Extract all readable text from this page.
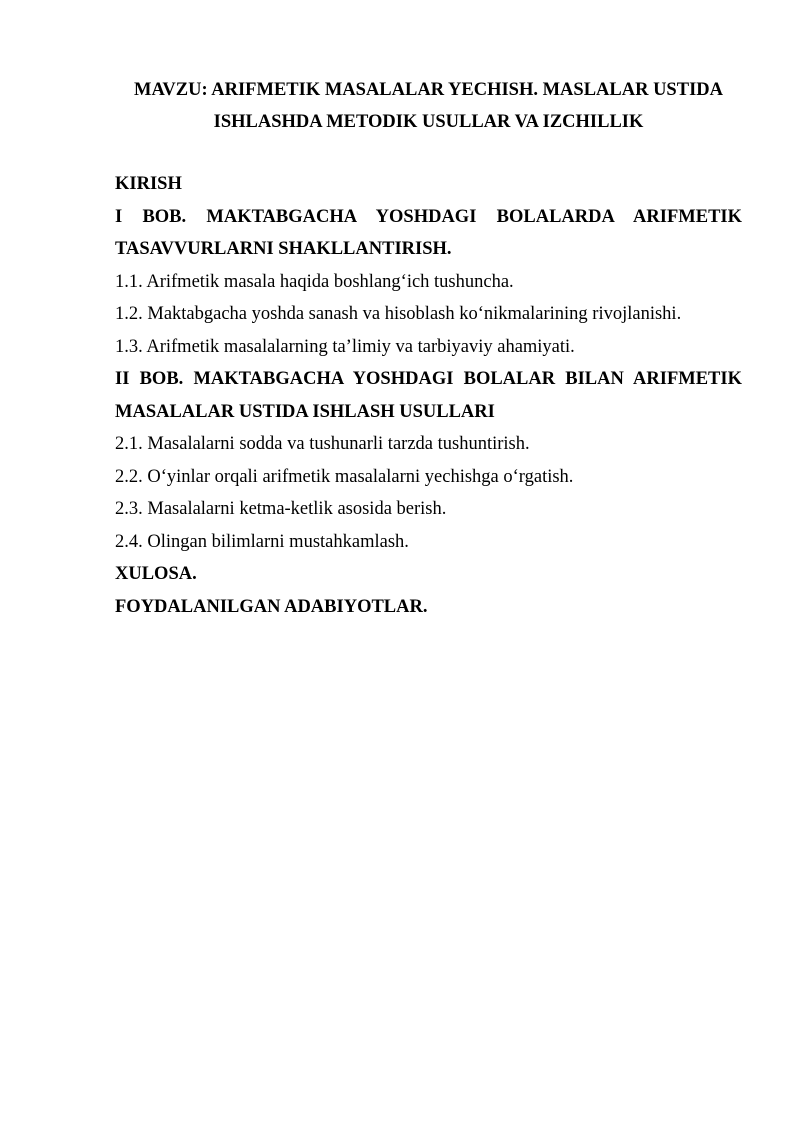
MAVZU: ARIFMETIK MASALALAR YECHISH. MASLALAR USTIDA
ISHLASHDA METODIK USULLAR VA IZCHILLIK

KIRISH

I BOB. MAKTABGACHA YOSHDAGI BOLALARDA ARIFMETIK
TASAVVURLARNI SHAKLLANTIRISH.

1.1. Arifmetik masala haqida boshlang‘ich tushuncha.

1.2. Maktabgacha yoshda sanash va hisoblash ko‘nikmalarining rivojlanishi.

1.3. Arifmetik masalalarning ta’limiy va tarbiyaviy ahamiyati.

II BOB. MAKTABGACHA YOSHDAGI BOLALAR BILAN ARIFMETIK
MASALALAR USTIDA ISHLASH USULLARI

2.1. Masalalarni sodda va tushunarli tarzda tushuntirish.

2.2. O‘yinlar orqali arifmetik masalalarni yechishga o‘rgatish.

2.3. Masalalarni ketma-ketlik asosida berish.

2.4. Olingan bilimlarni mustahkamlash.

XULOSA.

FOYDALANILGAN ADABIYOTLAR.
